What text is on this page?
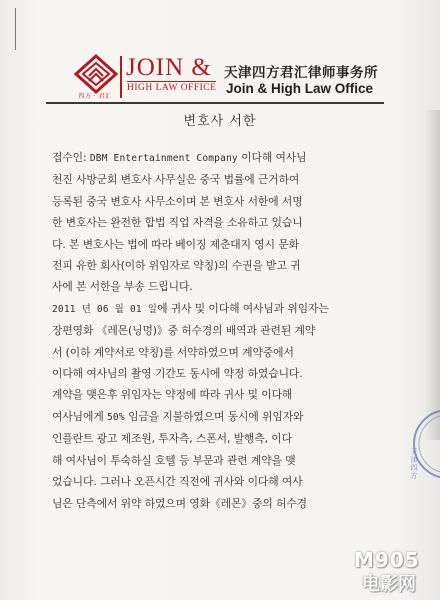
四方 · 君汇
JOIN &
HIGH LAW OFFICE
天津四方君汇律师事务所
Join & High Law Office
변호사 서한
접수인: DBM Entertainment Company 이다해 여사님
천진 사방군회 변호사 사무실은 중국 법률에 근거하여
등록된 중국 변호사 사무소이며 본 변호사 서한에 서명
한 변호사는 완전한 합법 직업 자격을 소유하고 있습니
다. 본 변호사는 법에 따라 베이징 제춘대지 영시 문화
전피 유한 회사(이하 위임자로 약칭)의 수권을 받고 귀
사에 본 서한을 부송 드립니다.
2011 년 06 월 01 일에 귀사 및 이다해 여사님과 위임자는
장편영화 《레몬(닝멍)》중 허수경의 배역과 관련된 계약
서 (이하 계약서로 약칭)를 서약하였으며 계약중에서
이다해 여사님의 촬영 기간도 동시에 약정 하였습니다.
계약을 맺은후 위임자는 약정에 따라 귀사 및 이다해
여사님에게 50% 임금을 지불하였으며 동시에 위임자와
인플란트 광고 제조원, 투자측, 스폰서, 발행측, 이다
해 여사님이 투숙하실 호텔 등 부문과 관련 계약을 맺
었습니다. 그러나 오픈시간 직전에 귀사와 이다해 여사
님은 단측에서 위약 하였으며 영화《레몬》중의 허수경
天津四方
M905
电影网
